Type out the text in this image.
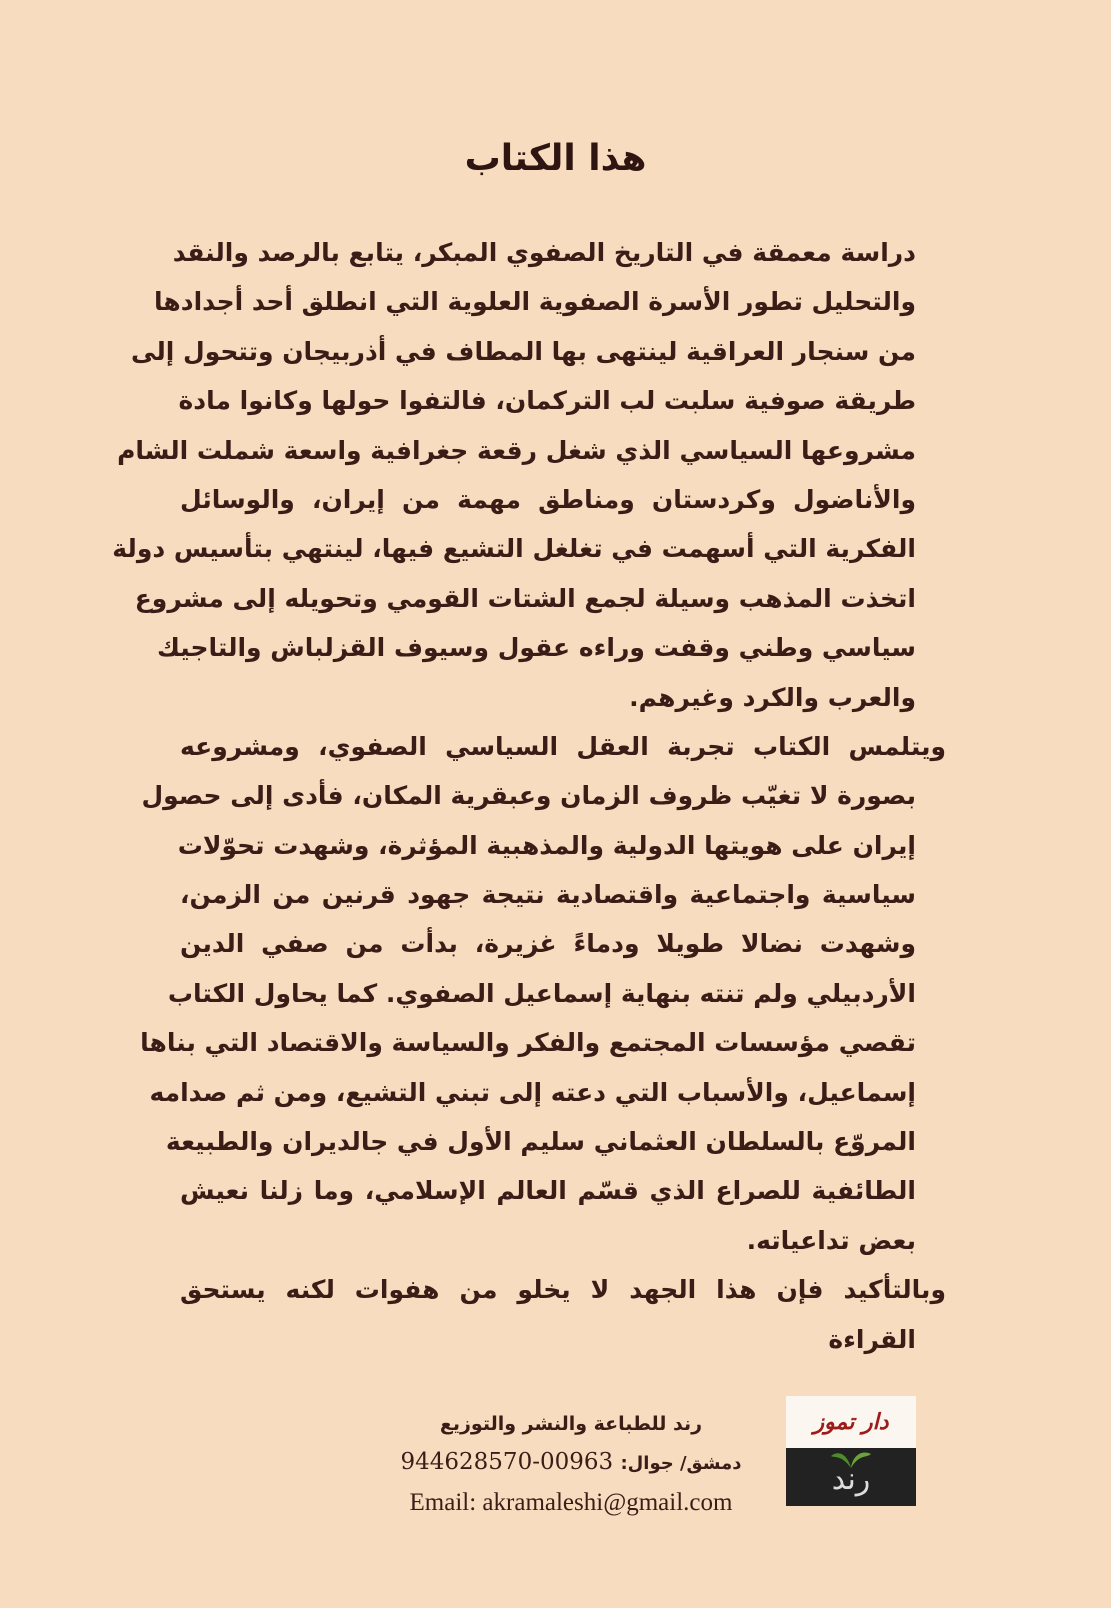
هذا الكتاب
دراسة معمقة في التاريخ الصفوي المبكر، يتابع بالرصد والنقد
والتحليل تطور الأسرة الصفوية العلوية التي انطلق أحد أجدادها
من سنجار العراقية لينتهى بها المطاف في أذربيجان وتتحول إلى
طريقة صوفية سلبت لب التركمان، فالتفوا حولها وكانوا مادة
مشروعها السياسي الذي شغل رقعة جغرافية واسعة شملت الشام
والأناضول وكردستان ومناطق مهمة من إيران، والوسائل
الفكرية التي أسهمت في تغلغل التشيع فيها، لينتهي بتأسيس دولة
اتخذت المذهب وسيلة لجمع الشتات القومي وتحويله إلى مشروع
سياسي وطني وقفت وراءه عقول وسيوف القزلباش والتاجيك
والعرب والكرد وغيرهم.
ويتلمس الكتاب تجربة العقل السياسي الصفوي، ومشروعه
بصورة لا تغيّب ظروف الزمان وعبقرية المكان، فأدى إلى حصول
إيران على هويتها الدولية والمذهبية المؤثرة، وشهدت تحوّلات
سياسية واجتماعية واقتصادية نتيجة جهود قرنين من الزمن،
وشهدت نضالا طويلا ودماءً غزيرة، بدأت من صفي الدين
الأردبيلي ولم تنته بنهاية إسماعيل الصفوي. كما يحاول الكتاب
تقصي مؤسسات المجتمع والفكر والسياسة والاقتصاد التي بناها
إسماعيل، والأسباب التي دعته إلى تبني التشيع، ومن ثم صدامه
المروّع بالسلطان العثماني سليم الأول في جالديران والطبيعة
الطائفية للصراع الذي قسّم العالم الإسلامي، وما زلنا نعيش
بعض تداعياته.
وبالتأكيد فإن هذا الجهد لا يخلو من هفوات لكنه يستحق
القراءة
رند للطباعة والنشر والتوزيع
دمشق/ جوال: 00963-944628570
Email: akramaleshi@gmail.com
دار تموز
رند
